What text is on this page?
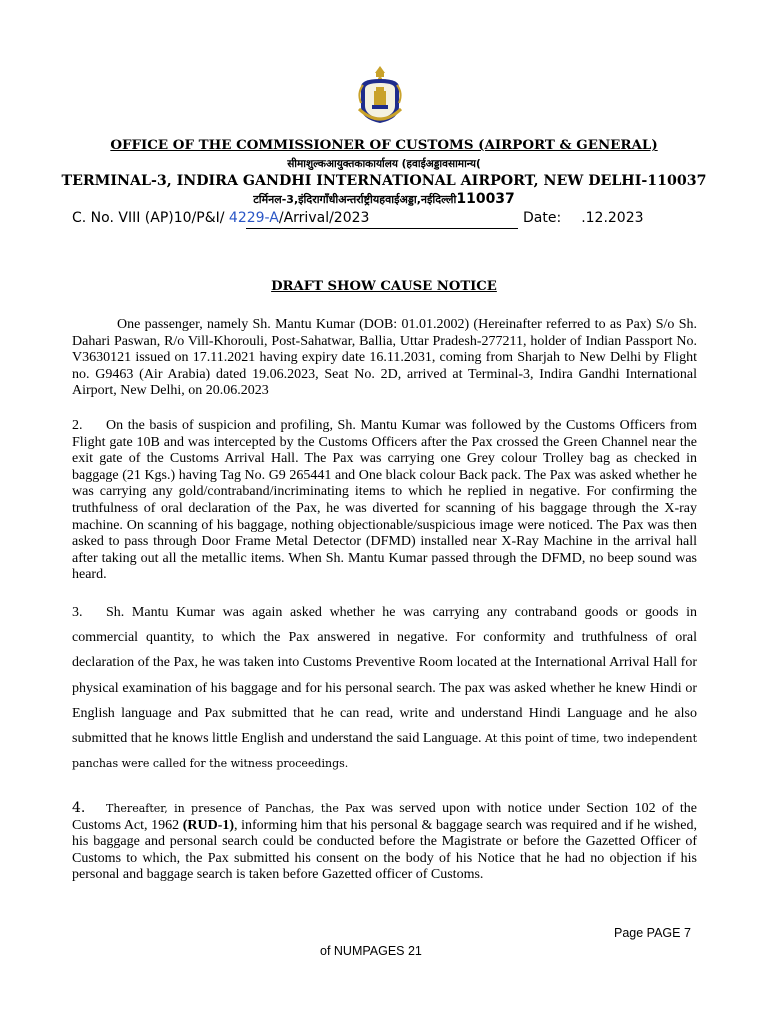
OFFICE OF THE COMMISSIONER OF CUSTOMS (AIRPORT & GENERAL)
सीमाशुल्कआयुक्तकाकार्यालय (हवाईअड्डावसामान्य(
TERMINAL-3, INDIRA GANDHI INTERNATIONAL AIRPORT, NEW DELHI-110037
टर्मिनल-3,इंदिरागाँधीअन्तर्राष्ट्रीयहवाईअड्डा,नईदिल्ली110037
C. No. VIII (AP)10/P&I/ 4229-A/Arrival/2023	Date: .12.2023
DRAFT SHOW CAUSE NOTICE
One passenger, namely Sh. Mantu Kumar (DOB: 01.01.2002) (Hereinafter referred to as Pax) S/o Sh. Dahari Paswan, R/o Vill-Khorouli, Post-Sahatwar, Ballia, Uttar Pradesh-277211, holder of Indian Passport No. V3630121 issued on 17.11.2021 having expiry date 16.11.2031, coming from Sharjah to New Delhi by Flight no. G9463 (Air Arabia) dated 19.06.2023, Seat No. 2D, arrived at Terminal-3, Indira Gandhi International Airport, New Delhi, on 20.06.2023
2. On the basis of suspicion and profiling, Sh. Mantu Kumar was followed by the Customs Officers from Flight gate 10B and was intercepted by the Customs Officers after the Pax crossed the Green Channel near the exit gate of the Customs Arrival Hall. The Pax was carrying one Grey colour Trolley bag as checked in baggage (21 Kgs.) having Tag No. G9 265441 and One black colour Back pack. The Pax was asked whether he was carrying any gold/contraband/incriminating items to which he replied in negative. For confirming the truthfulness of oral declaration of the Pax, he was diverted for scanning of his baggage through the X-ray machine. On scanning of his baggage, nothing objectionable/suspicious image were noticed. The Pax was then asked to pass through Door Frame Metal Detector (DFMD) installed near X-Ray Machine in the arrival hall after taking out all the metallic items. When Sh. Mantu Kumar passed through the DFMD, no beep sound was heard.
3. Sh. Mantu Kumar was again asked whether he was carrying any contraband goods or goods in commercial quantity, to which the Pax answered in negative. For conformity and truthfulness of oral declaration of the Pax, he was taken into Customs Preventive Room located at the International Arrival Hall for physical examination of his baggage and for his personal search. The pax was asked whether he knew Hindi or English language and Pax submitted that he can read, write and understand Hindi Language and he also submitted that he knows little English and understand the said Language. At this point of time, two independent panchas were called for the witness proceedings.
4. Thereafter, in presence of Panchas, the Pax was served upon with notice under Section 102 of the Customs Act, 1962 (RUD-1), informing him that his personal & baggage search was required and if he wished, his baggage and personal search could be conducted before the Magistrate or before the Gazetted Officer of Customs to which, the Pax submitted his consent on the body of his Notice that he had no objection if his personal and baggage search is taken before Gazetted officer of Customs.
Page PAGE 7
of NUMPAGES 21
